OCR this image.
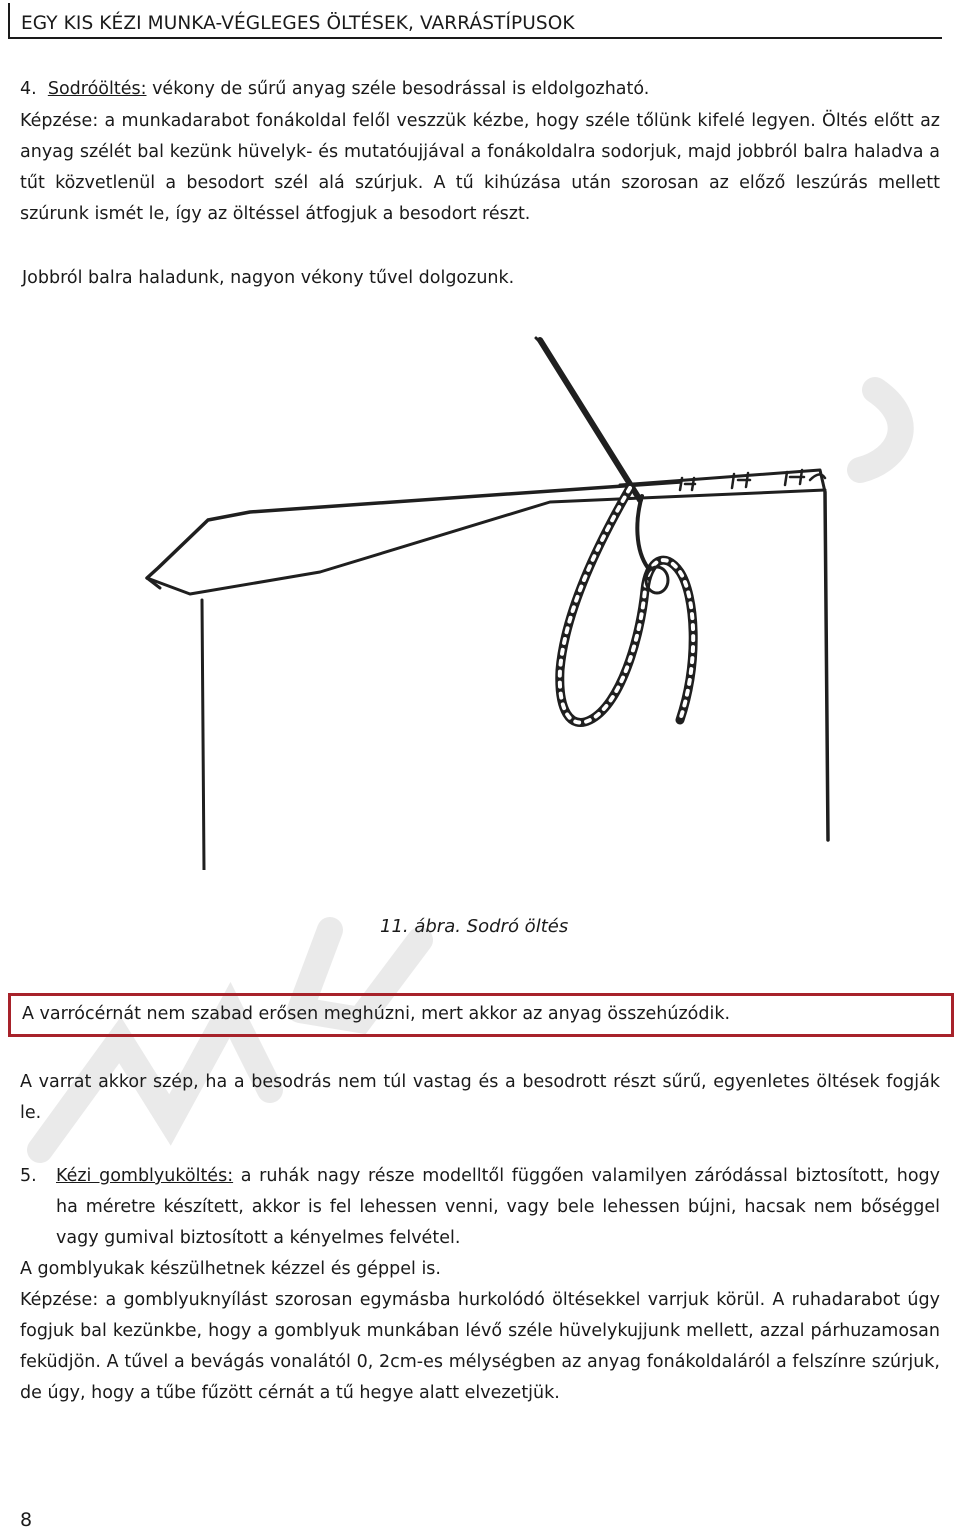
EGY KIS KÉZI MUNKA-VÉGLEGES ÖLTÉSEK, VARRÁSTÍPUSOK

4. Sodróöltés: vékony de sűrű anyag széle besodrással is eldolgozható.

Képzése: a munkadarabot fonákoldal felől veszzük kézbe, hogy széle tőlünk kifelé legyen. Öltés előtt az anyag szélét bal kezünk hüvelyk- és mutatóujjával a fonákoldalra sodorjuk, majd jobbról balra haladva a tűt közvetlenül a besodort szél alá szúrjuk. A tű kihúzása után szorosan az előző leszúrás mellett szúrunk ismét le, így az öltéssel átfogjuk a besodort részt.

Jobbról balra haladunk, nagyon vékony tűvel dolgozunk.

11. ábra. Sodró öltés
A varrócérnát nem szabad erősen meghúzni, mert akkor az anyag összehúzódik.

A varrat akkor szép, ha a besodrás nem túl vastag és a besodrott részt sűrű, egyenletes öltések fogják le.

5. Kézi gomblyuköltés: a ruhák nagy része modelltől függően valamilyen záródással biztosított, hogy ha méretre készített, akkor is fel lehessen venni, vagy bele lehessen bújni, hacsak nem bőséggel vagy gumival biztosított a kényelmes felvétel.

A gomblyukak készülhetnek kézzel és géppel is.

Képzése: a gomblyuknyílást szorosan egymásba hurkolódó öltésekkel varrjuk körül. A ruhadarabot úgy fogjuk bal kezünkbe, hogy a gomblyuk munkában lévő széle hüvelykujjunk mellett, azzal párhuzamosan feküdjön. A tűvel a bevágás vonalától 0, 2cm-es mélységben az anyag fonákoldaláról a felszínre szúrjuk, de úgy, hogy a tűbe fűzött cérnát a tű hegye alatt elvezetjük.

8
